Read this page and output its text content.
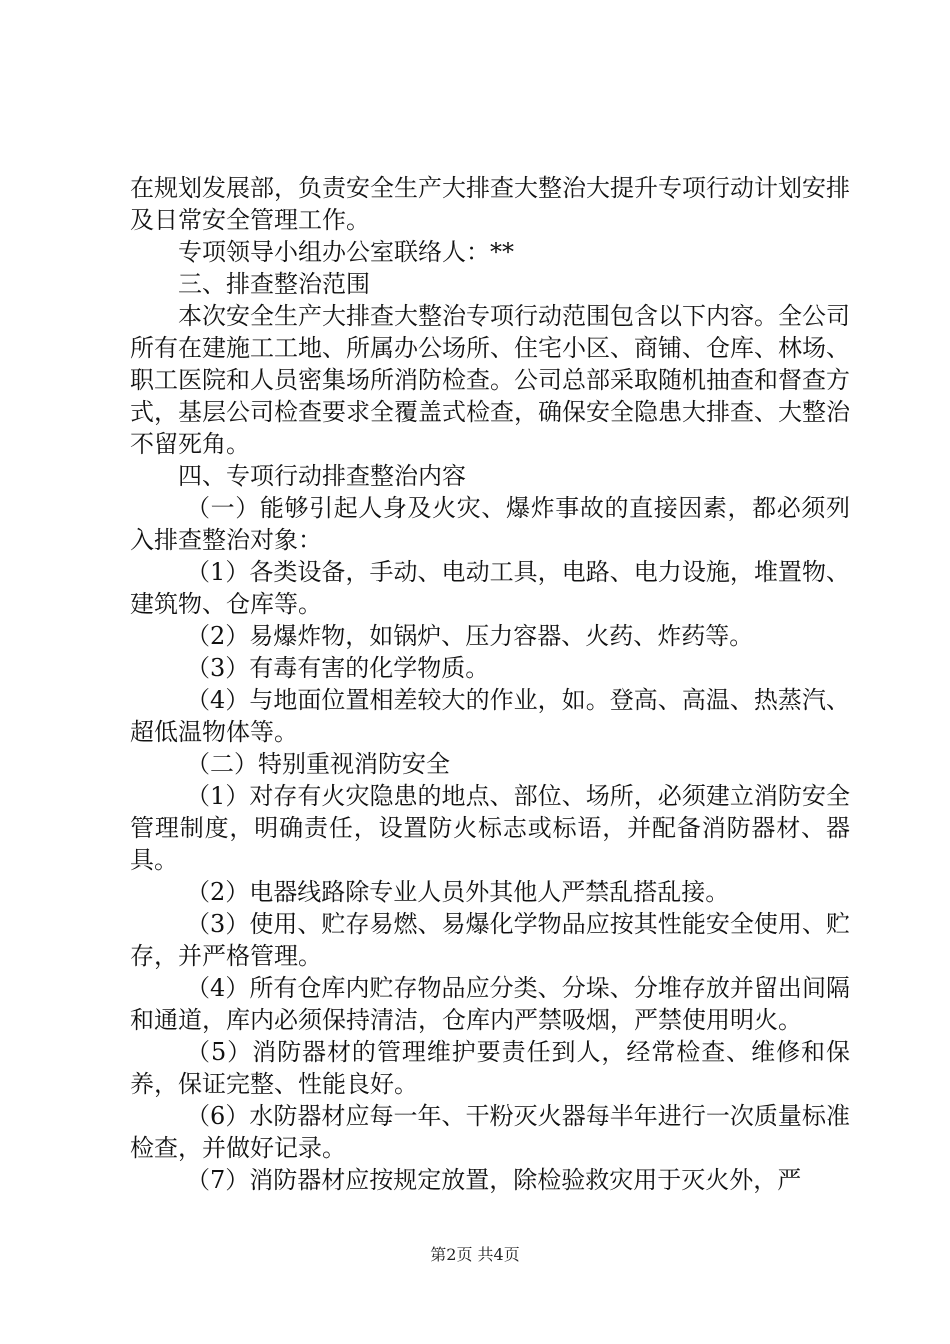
在规划发展部，负责安全生产大排查大整治大提升专项行动计划安排及日常安全管理工作。

专项领导小组办公室联络人：**

三、排查整治范围

本次安全生产大排查大整治专项行动范围包含以下内容。全公司所有在建施工工地、所属办公场所、住宅小区、商铺、仓库、林场、职工医院和人员密集场所消防检查。公司总部采取随机抽查和督查方式，基层公司检查要求全覆盖式检查，确保安全隐患大排查、大整治不留死角。

四、专项行动排查整治内容

（一）能够引起人身及火灾、爆炸事故的直接因素，都必须列入排查整治对象：

（1）各类设备，手动、电动工具，电路、电力设施，堆置物、建筑物、仓库等。

（2）易爆炸物，如锅炉、压力容器、火药、炸药等。

（3）有毒有害的化学物质。

（4）与地面位置相差较大的作业，如。登高、高温、热蒸汽、超低温物体等。

（二）特别重视消防安全

（1）对存有火灾隐患的地点、部位、场所，必须建立消防安全管理制度，明确责任，设置防火标志或标语，并配备消防器材、器具。

（2）电器线路除专业人员外其他人严禁乱搭乱接。

（3）使用、贮存易燃、易爆化学物品应按其性能安全使用、贮存，并严格管理。

（4）所有仓库内贮存物品应分类、分垛、分堆存放并留出间隔和通道，库内必须保持清洁，仓库内严禁吸烟，严禁使用明火。

（5）消防器材的管理维护要责任到人，经常检查、维修和保养，保证完整、性能良好。

（6）水防器材应每一年、干粉灭火器每半年进行一次质量标准检查，并做好记录。

（7）消防器材应按规定放置，除检验救灾用于灭火外，严

第2页 共4页
